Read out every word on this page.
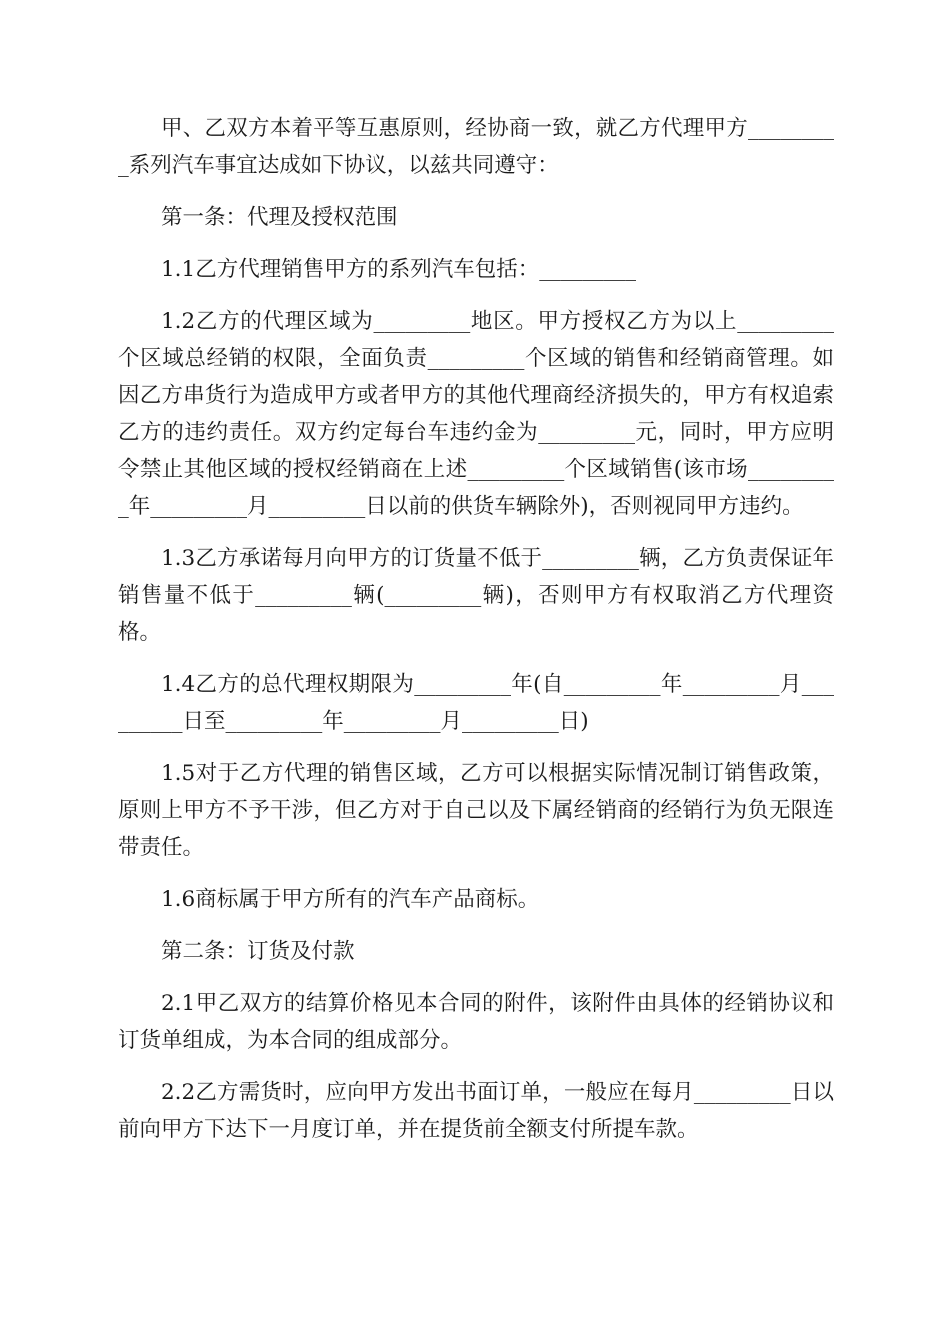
甲、乙双方本着平等互惠原则，经协商一致，就乙方代理甲方_________系列汽车事宜达成如下协议，以兹共同遵守：

第一条：代理及授权范围

1.1乙方代理销售甲方的系列汽车包括：_________

1.2乙方的代理区域为_________地区。甲方授权乙方为以上_________个区域总经销的权限，全面负责_________个区域的销售和经销商管理。如因乙方串货行为造成甲方或者甲方的其他代理商经济损失的，甲方有权追索乙方的违约责任。双方约定每台车违约金为_________元，同时，甲方应明令禁止其他区域的授权经销商在上述_________个区域销售(该市场_________年_________月_________日以前的供货车辆除外)，否则视同甲方违约。

1.3乙方承诺每月向甲方的订货量不低于_________辆，乙方负责保证年销售量不低于_________辆(_________辆)，否则甲方有权取消乙方代理资格。

1.4乙方的总代理权期限为_________年(自_________年_________月_________日至_________年_________月_________日)

1.5对于乙方代理的销售区域，乙方可以根据实际情况制订销售政策，原则上甲方不予干涉，但乙方对于自己以及下属经销商的经销行为负无限连带责任。

1.6商标属于甲方所有的汽车产品商标。

第二条：订货及付款

2.1甲乙双方的结算价格见本合同的附件，该附件由具体的经销协议和订货单组成，为本合同的组成部分。

2.2乙方需货时，应向甲方发出书面订单，一般应在每月_________日以前向甲方下达下一月度订单，并在提货前全额支付所提车款。
